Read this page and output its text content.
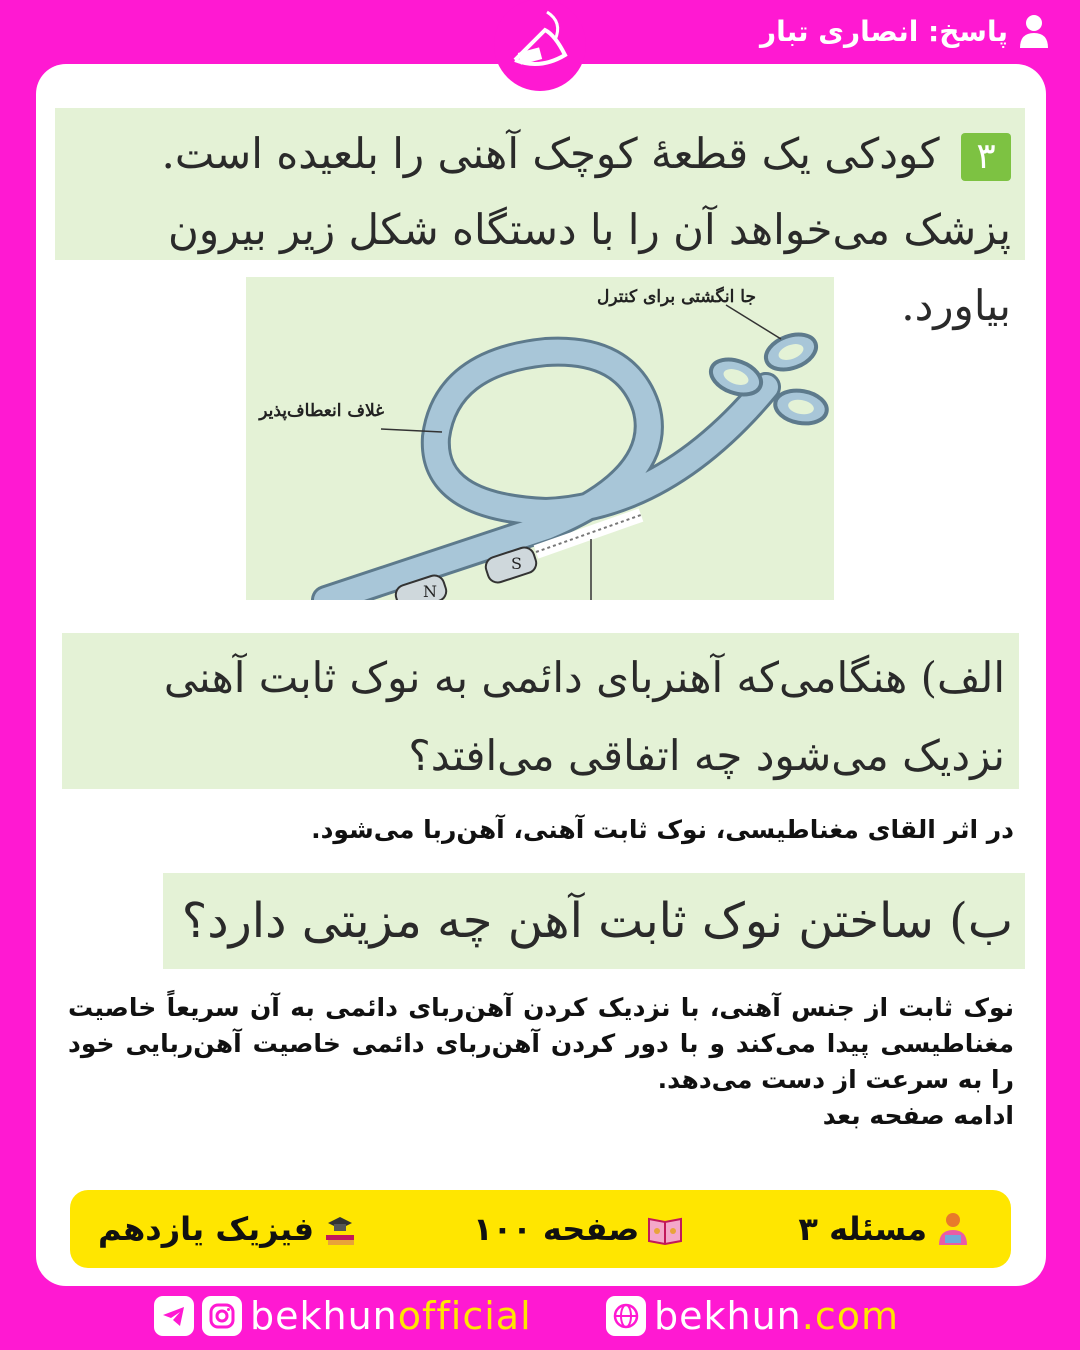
پاسخ: انصاری تبار
۳ کودکی یک قطعهٔ کوچک آهنی را بلعیده است. پزشک می‌خواهد آن را با دستگاه شکل زیر بیرون بیاورد.
S
N
جا انگشتی برای کنترل
غلاف انعطاف‌پذیر
الف) هنگامی‌که آهنربای دائمی به نوک ثابت آهنی نزدیک می‌شود چه اتفاقی می‌افتد؟
در اثر القای مغناطیسی، نوک ثابت آهنی، آهن‌ربا می‌شود.
ب) ساختن نوک ثابت آهن چه مزیتی دارد؟

نوک ثابت از جنس آهنی، با نزدیک کردن آهن‌ربای دائمی به آن سریعاً خاصیت مغناطیسی پیدا می‌کند و با دور کردن آهن‌ربای دائمی خاصیت آهن‌ربایی خود را به سرعت از دست می‌دهد.

ادامه صفحه بعد

مسئله ۳
صفحه ۱۰۰
فیزیک یازدهم
bekhunofficial	bekhun.com
